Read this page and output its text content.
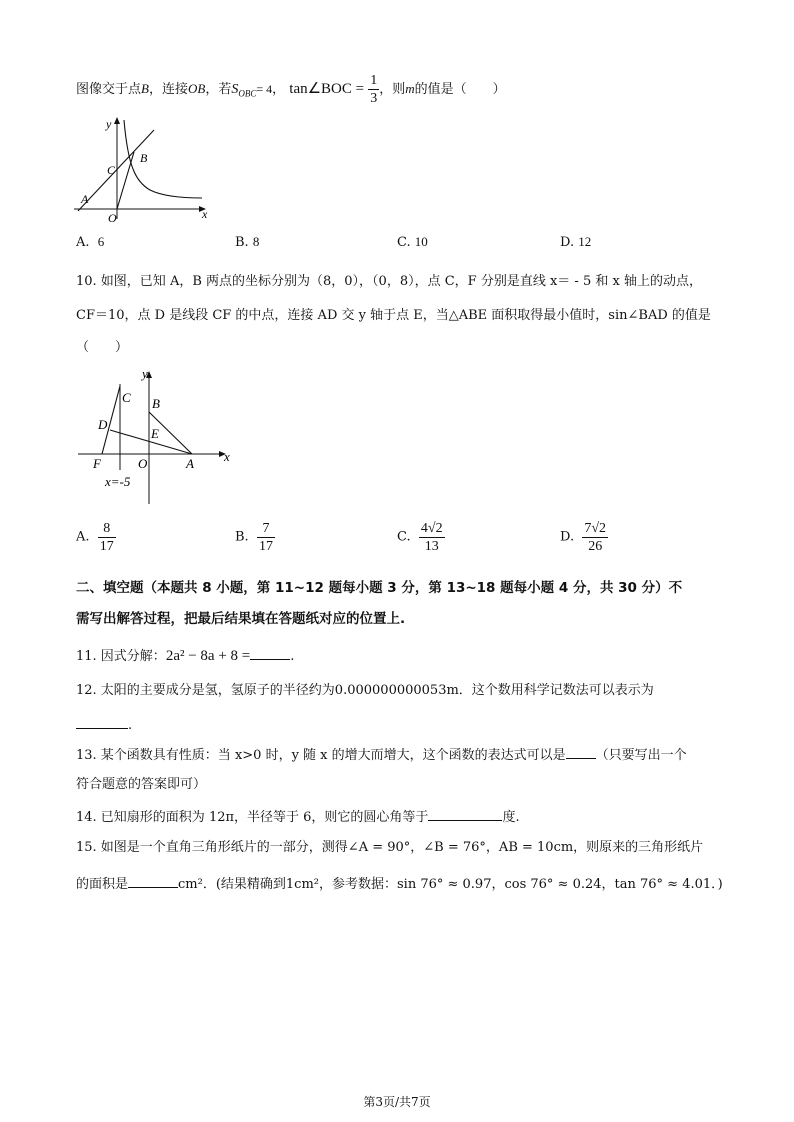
图像交于点B，连接OB，若$S_{OBC}= 4$， tan∠BOC = $\frac{1}{3}$ ，则m的值是（　　）
y
x
B
C
A
O
A. 6	B. 8	C. 10	D. 12
10. 如图，已知 A，B 两点的坐标分别为（8，0），（0，8），点 C，F 分别是直线 x＝ - 5 和 x 轴上的动点，
CF＝10，点 D 是线段 CF 的中点，连接 AD 交 y 轴于点 E，当△ABE 面积取得最小值时，sin∠BAD 的值是
（　　）
y
x
C B
D
E
F	O	A
x=-5
A. $\frac{8}{17}$	B. $\frac{7}{17}$	C. $\frac{4√2}{13}$	D. $\frac{7√2}{26}$
二、填空题（本题共 8 小题，第 11~12 题每小题 3 分，第 13~18 题每小题 4 分，共 30 分）不
需写出解答过程，把最后结果填在答题纸对应的位置上.
11. 因式分解：2a² − 8a + 8 =	.
12. 太阳的主要成分是氢，氢原子的半径约为0.000000000053m．这个数用科学记数法可以表示为
.
13. 某个函数具有性质：当 x>0 时，y 随 x 的增大而增大，这个函数的表达式可以是 （只要写出一个
符合题意的答案即可）
14. 已知扇形的面积为 12π，半径等于 6，则它的圆心角等于	度.
15. 如图是一个直角三角形纸片的一部分，测得∠A = 90°，∠B = 76°，AB = 10cm，则原来的三角形纸片
的面积是	cm²．(结果精确到1cm²，参考数据：sin 76° ≈ 0.97，cos 76° ≈ 0.24，tan 76° ≈ 4.01．)
第3页/共7页
